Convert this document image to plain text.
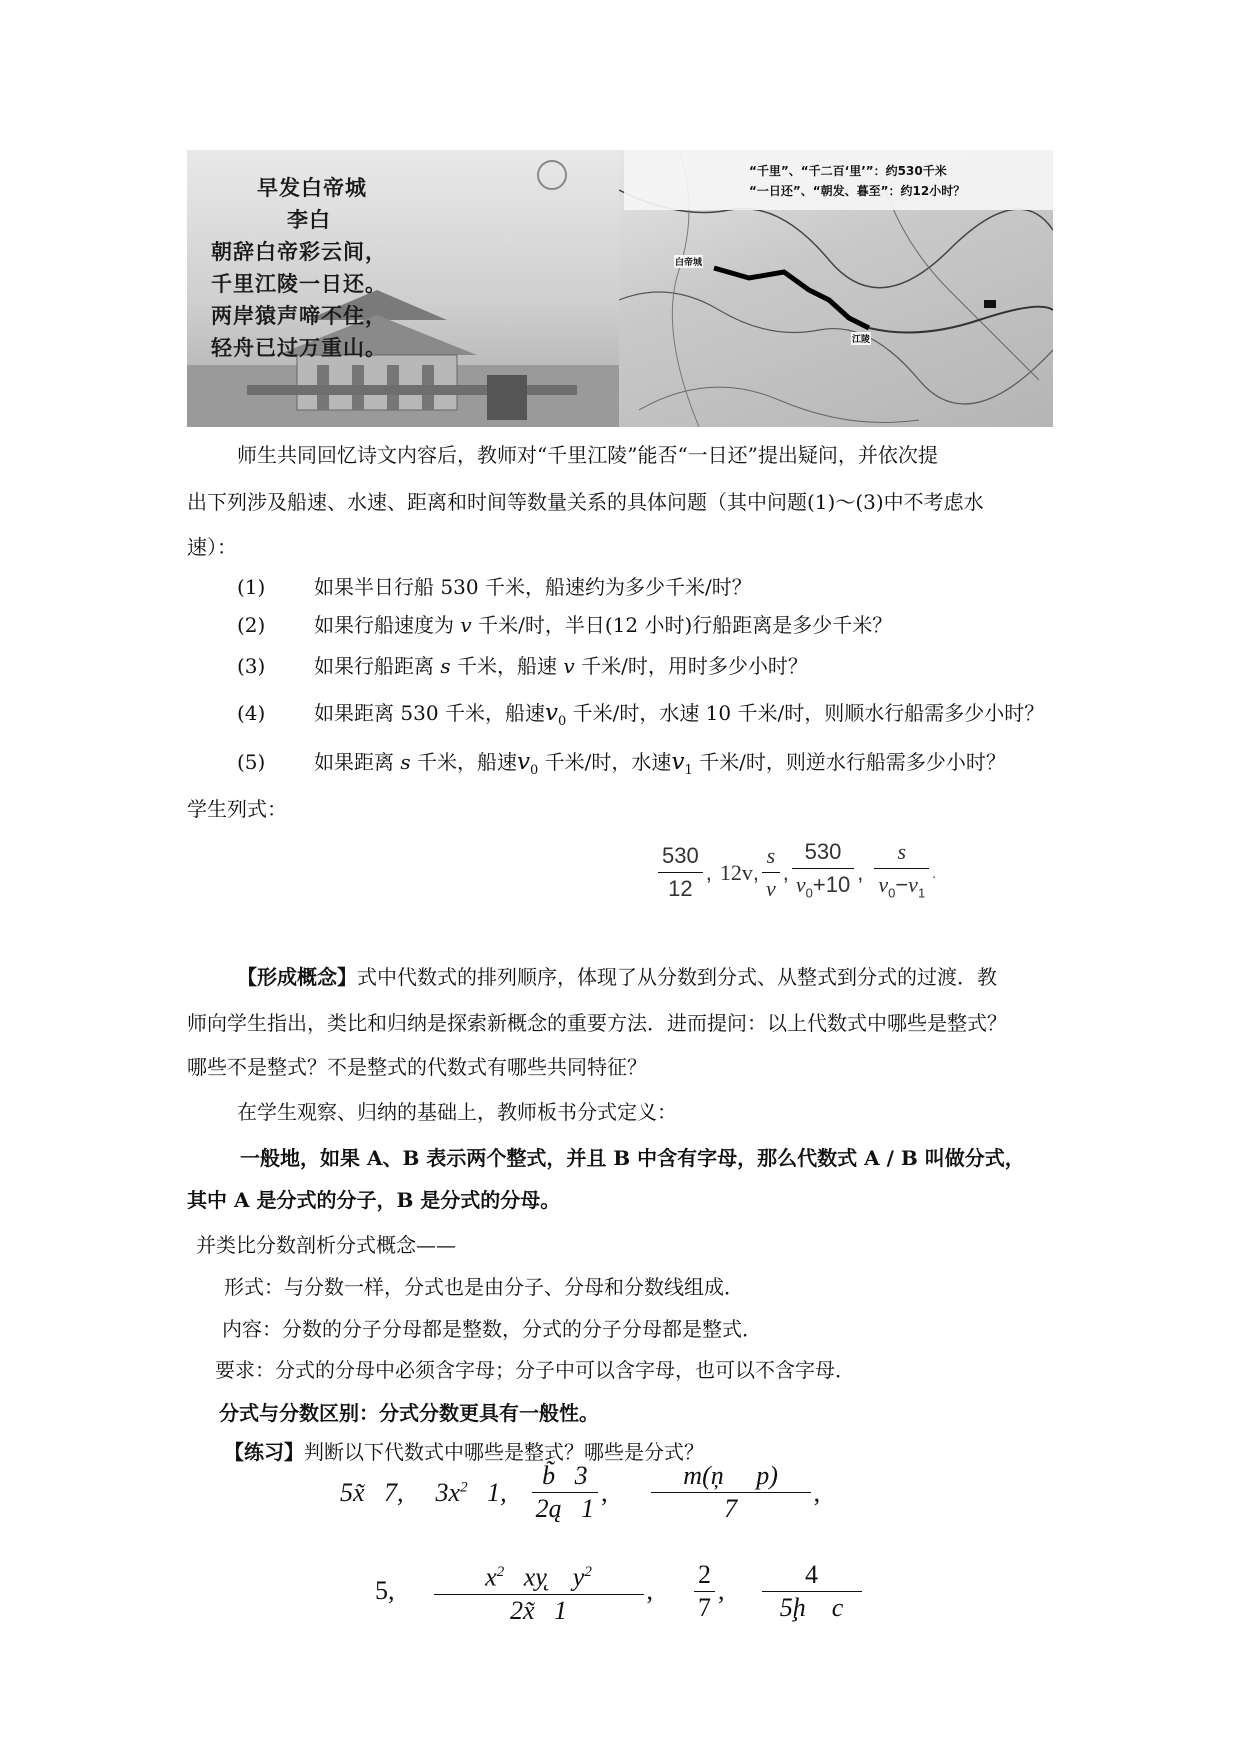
早发白帝城
李白
朝辞白帝彩云间，
千里江陵一日还。
两岸猿声啼不住，
轻舟已过万重山。
“千里”、“千二百‘里’”：约530千米
“一日还”、“朝发、暮至”：约12小时？
白帝城
江陵
师生共同回忆诗文内容后，教师对“千里江陵”能否“一日还”提出疑问，并依次提
出下列涉及船速、水速、距离和时间等数量关系的具体问题（其中问题(1)～(3)中不考虑水
速）：
(1) 如果半日行船 530 千米，船速约为多少千米/时？
(2) 如果行船速度为 v 千米/时，半日(12 小时)行船距离是多少千米？
(3) 如果行船距离 s 千米，船速 v 千米/时，用时多少小时？
(4) 如果距离 530 千米，船速$v_0$ 千米/时，水速 10 千米/时，则顺水行船需多少小时？
(5) 如果距离 s 千米，船速$v_0$ 千米/时，水速$v_1$ 千米/时，则逆水行船需多少小时？
学生列式：
$\frac{530}{12}$ , 12v , $\frac{s}{v}$ , $\frac{530}{v_0+10}$ , $\frac{s}{v_0-v_1}$ .
【形成概念】式中代数式的排列顺序，体现了从分数到分式、从整式到分式的过渡．教
师向学生指出，类比和归纳是探索新概念的重要方法．进而提问：以上代数式中哪些是整式？
哪些不是整式？不是整式的代数式有哪些共同特征？
在学生观察、归纳的基础上，教师板书分式定义：
一般地，如果 A、B 表示两个整式，并且 B 中含有字母，那么代数式 A / B 叫做分式，
其中 A 是分式的分子，B 是分式的分母。
并类比分数剖析分式概念——
形式：与分数一样，分式也是由分子、分母和分数线组成．
内容：分数的分子分母都是整数，分式的分子分母都是整式．
要求：分式的分母中必须含字母；分子中可以含字母，也可以不含字母．
分式与分数区别：分式分数更具有一般性。
【练习】判断以下代数式中哪些是整式？哪些是分式？
5x̃   7, $3x^2$   1, $\frac{b̃ 3}{2ą 1}$ , $\frac{\text{m(ņ     p)}}{7}$ ,
5, $\frac{x^2 xy̨ y^2}{2x̃ 1}$ , $\frac{2}{7}$ , $\frac{4}{\text{5ḩ    c}}$
